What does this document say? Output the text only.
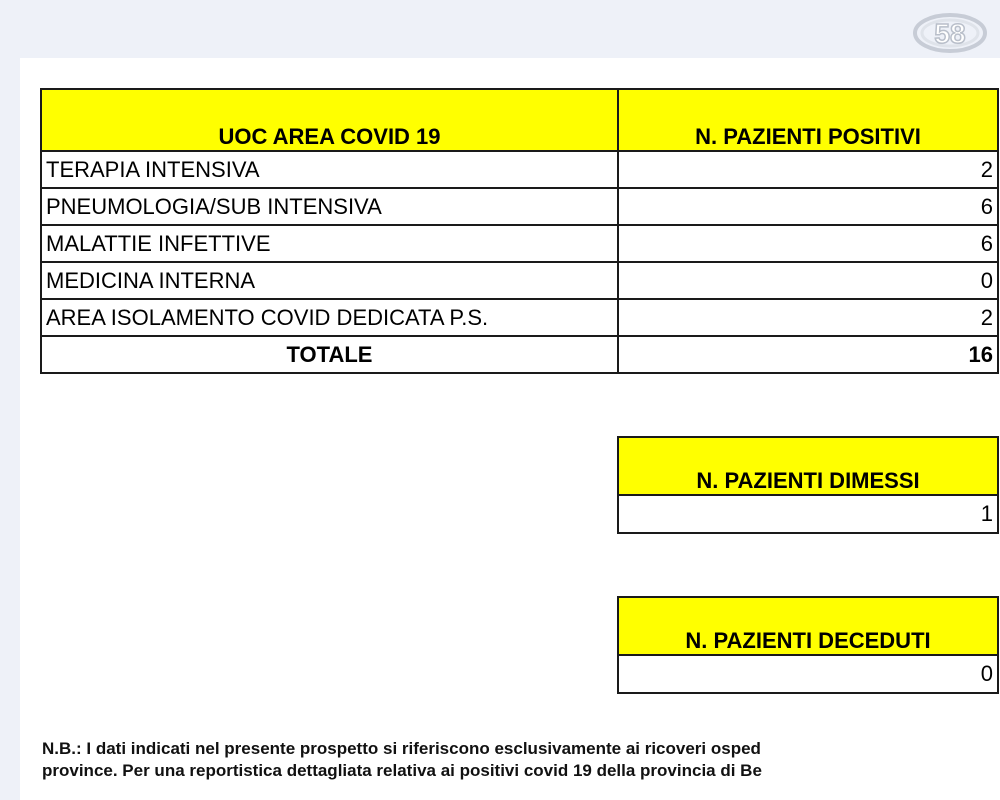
58
UOC AREA COVID 19	N. PAZIENTI POSITIVI
TERAPIA INTENSIVA	2
PNEUMOLOGIA/SUB INTENSIVA	6
MALATTIE INFETTIVE	6
MEDICINA INTERNA	0
AREA ISOLAMENTO COVID DEDICATA P.S.	2
TOTALE	16
N. PAZIENTI DIMESSI
1
N. PAZIENTI DECEDUTI
0

N.B.: I dati indicati nel presente prospetto si riferiscono esclusivamente ai ricoveri osped

province. Per una reportistica dettagliata relativa ai positivi covid 19 della provincia di Be
